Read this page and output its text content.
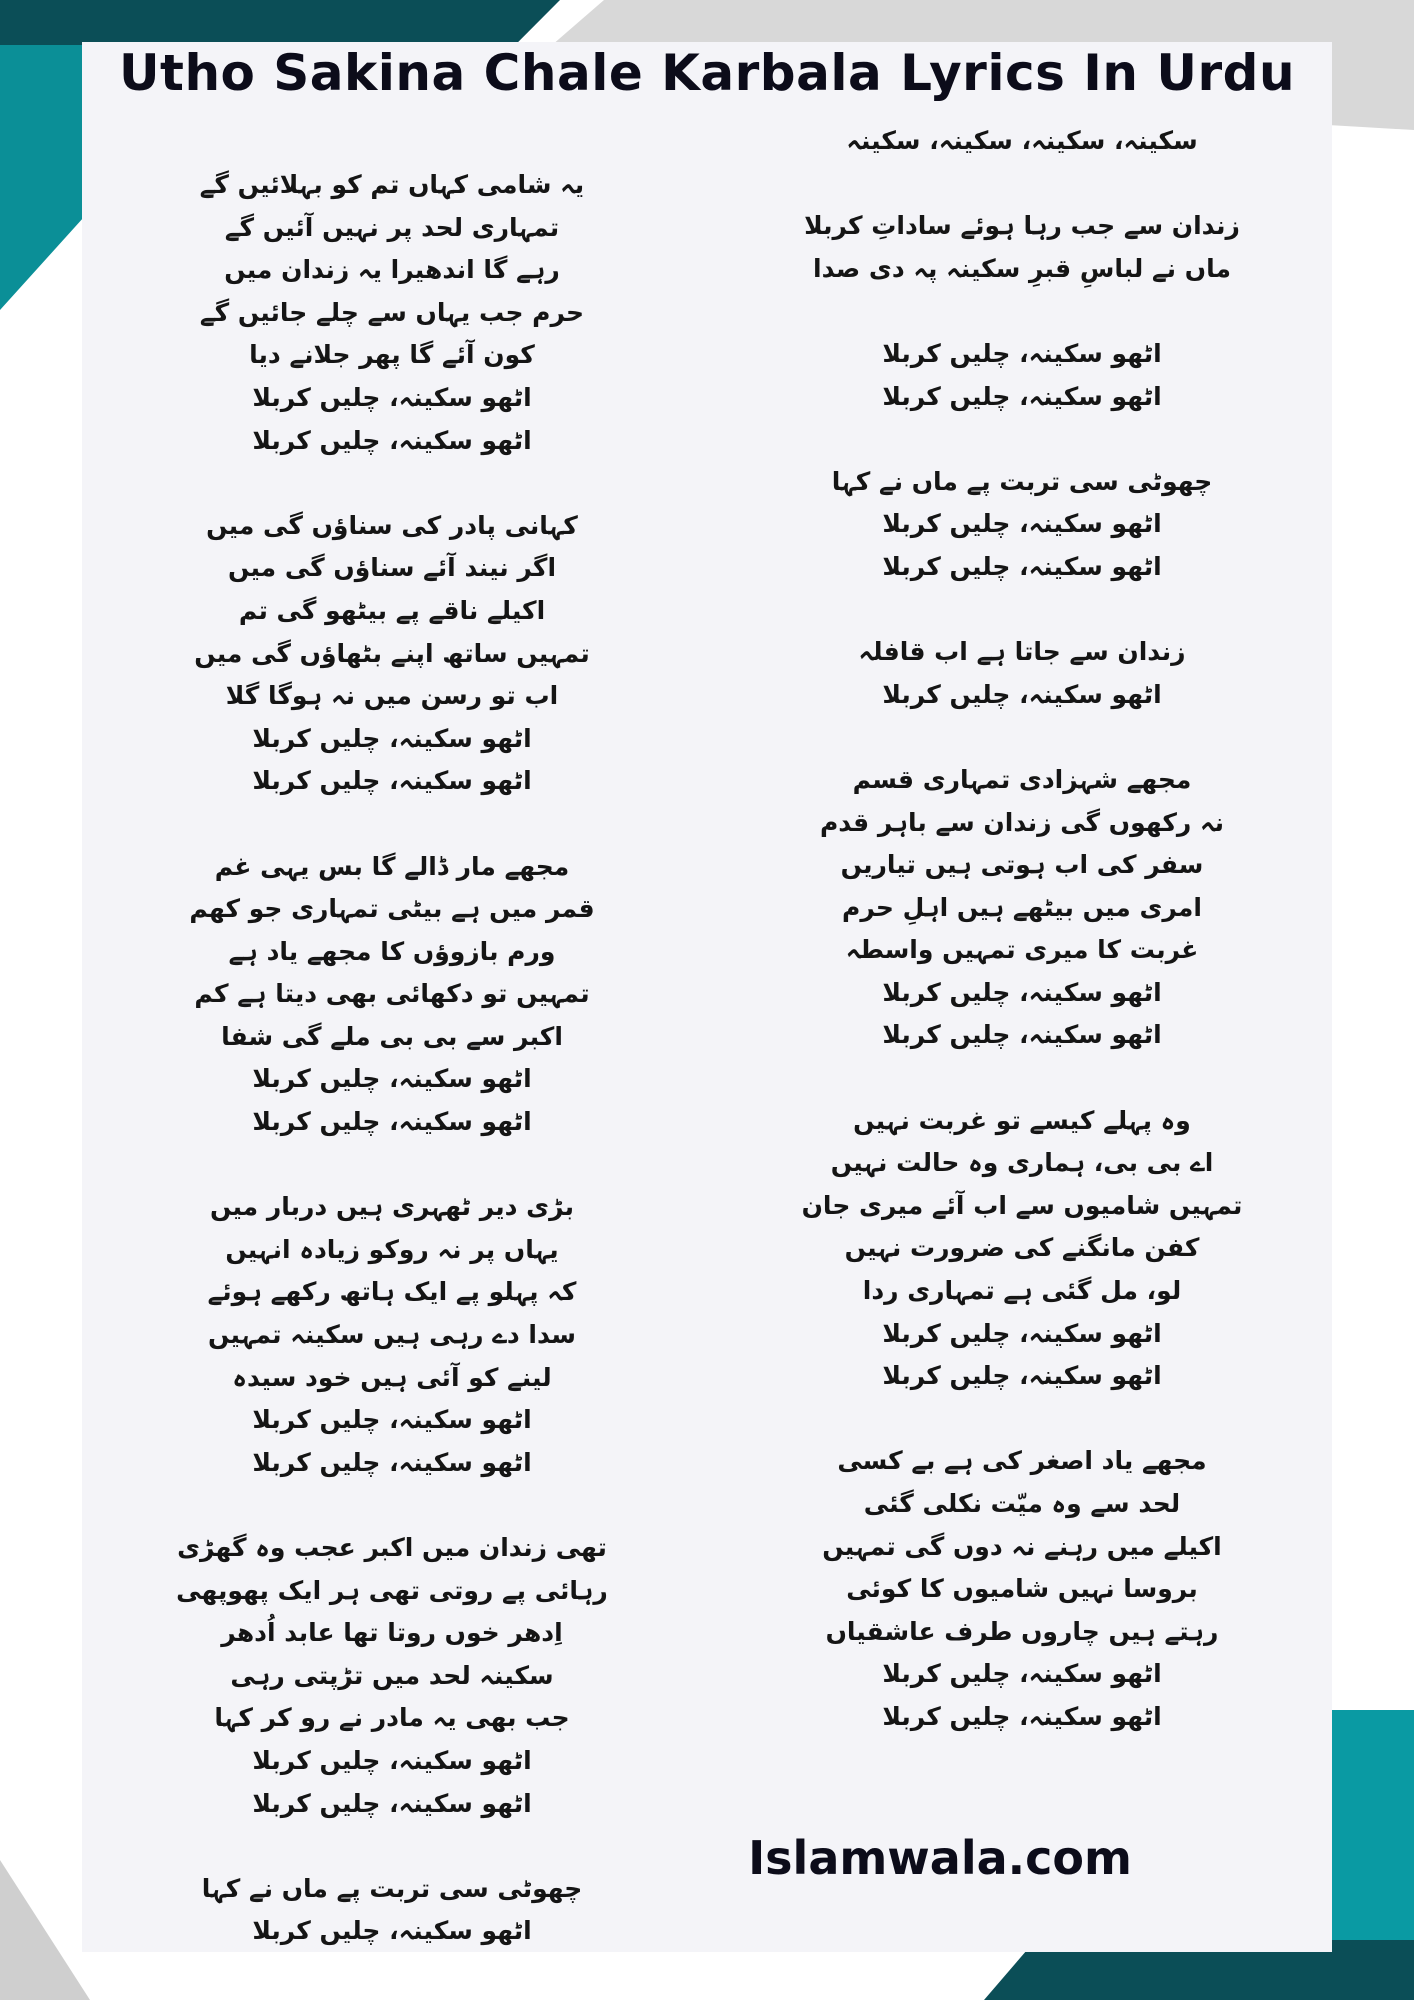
Utho Sakina Chale Karbala Lyrics In Urdu
سکینہ، سکینہ، سکینہ، سکینہ
زندان سے جب رہا ہوئے ساداتِ کربلا
ماں نے لباسِ قبرِ سکینہ پہ دی صدا
اٹھو سکینہ، چلیں کربلا
اٹھو سکینہ، چلیں کربلا
چھوٹی سی تربت پے ماں نے کہا
اٹھو سکینہ، چلیں کربلا
اٹھو سکینہ، چلیں کربلا
زندان سے جاتا ہے اب قافلہ
اٹھو سکینہ، چلیں کربلا
مجھے شہزادی تمہاری قسم
نہ رکھوں گی زندان سے باہر قدم
سفر کی اب ہوتی ہیں تیاریں
امری میں بیٹھے ہیں اہلِ حرم
غربت کا میری تمہیں واسطہ
اٹھو سکینہ، چلیں کربلا
اٹھو سکینہ، چلیں کربلا
وہ پہلے کیسے تو غربت نہیں
اے بی بی، ہماری وہ حالت نہیں
تمہیں شامیوں سے اب آئے میری جان
کفن مانگنے کی ضرورت نہیں
لو، مل گئی ہے تمہاری ردا
اٹھو سکینہ، چلیں کربلا
اٹھو سکینہ، چلیں کربلا
مجھے یاد اصغر کی ہے بے کسی
لحد سے وہ میّت نکلی گئی
اکیلے میں رہنے نہ دوں گی تمہیں
بروسا نہیں شامیوں کا کوئی
رہتے ہیں چاروں طرف عاشقیاں
اٹھو سکینہ، چلیں کربلا
اٹھو سکینہ، چلیں کربلا
یہ شامی کہاں تم کو بہلائیں گے
تمہاری لحد پر نہیں آئیں گے
رہے گا اندھیرا یہ زندان میں
حرم جب یہاں سے چلے جائیں گے
کون آئے گا پھر جلانے دیا
اٹھو سکینہ، چلیں کربلا
اٹھو سکینہ، چلیں کربلا
کہانی پادر کی سناؤں گی میں
اگر نیند آئے سناؤں گی میں
اکیلے ناقے پے بیٹھو گی تم
تمہیں ساتھ اپنے بٹھاؤں گی میں
اب تو رسن میں نہ ہوگا گلا
اٹھو سکینہ، چلیں کربلا
اٹھو سکینہ، چلیں کربلا
مجھے مار ڈالے گا بس یہی غم
قمر میں ہے بیٹی تمہاری جو کھم
ورم بازوؤں کا مجھے یاد ہے
تمہیں تو دکھائی بھی دیتا ہے کم
اکبر سے بی بی ملے گی شفا
اٹھو سکینہ، چلیں کربلا
اٹھو سکینہ، چلیں کربلا
بڑی دیر ٹھہری ہیں دربار میں
یہاں پر نہ روکو زیادہ انہیں
کہ پہلو پے ایک ہاتھ رکھے ہوئے
سدا دے رہی ہیں سکینہ تمہیں
لینے کو آئی ہیں خود سیدہ
اٹھو سکینہ، چلیں کربلا
اٹھو سکینہ، چلیں کربلا
تھی زندان میں اکبر عجب وہ گھڑی
رہائی پے روتی تھی ہر ایک پھوپھی
اِدھر خوں روتا تھا عابد اُدھر
سکینہ لحد میں تڑپتی رہی
جب بھی یہ مادر نے رو کر کہا
اٹھو سکینہ، چلیں کربلا
اٹھو سکینہ، چلیں کربلا
چھوٹی سی تربت پے ماں نے کہا
اٹھو سکینہ، چلیں کربلا
Islamwala.com
